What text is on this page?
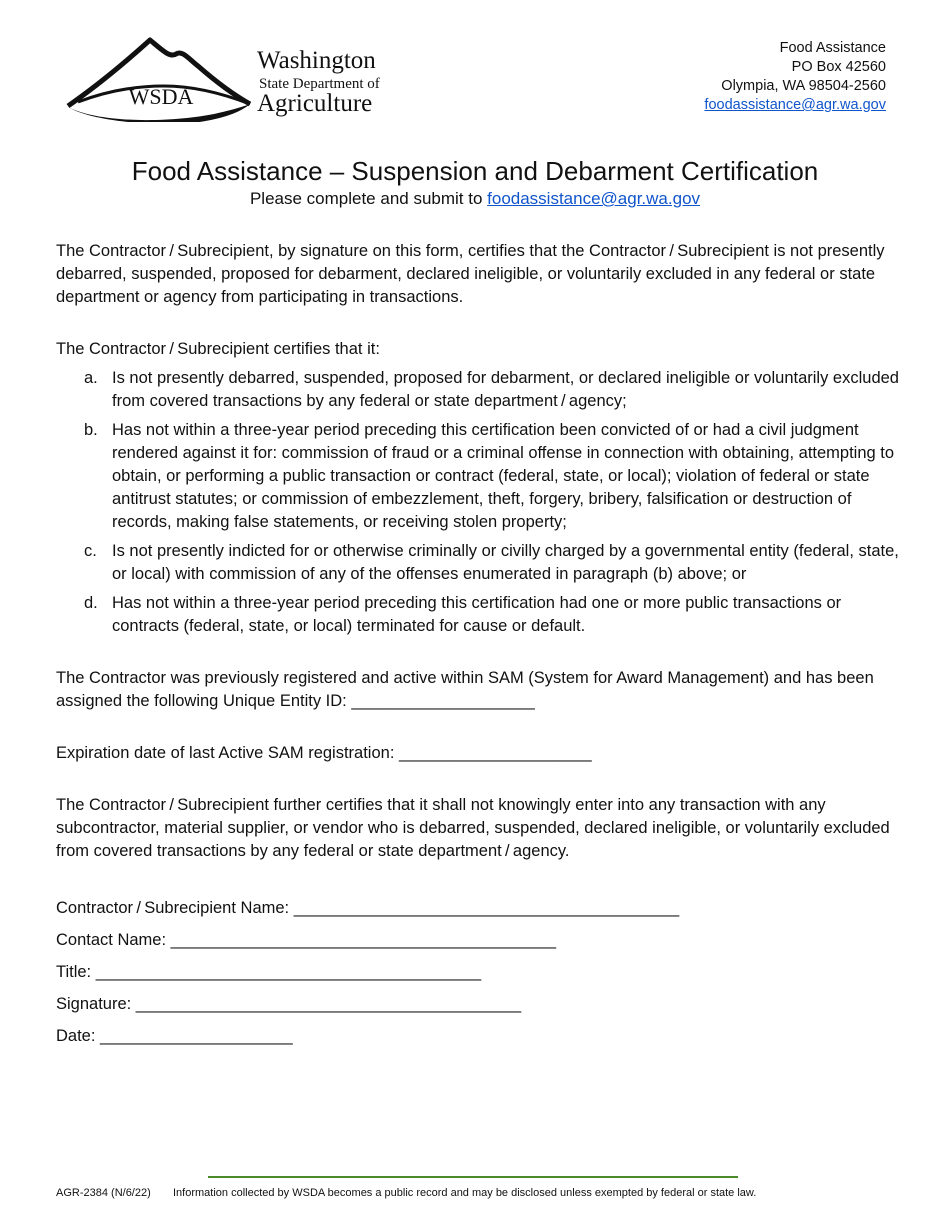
WSDA
Washington
State Department of
Agriculture
Food Assistance
PO Box 42560
Olympia, WA 98504-2560
foodassistance@agr.wa.gov
Food Assistance – Suspension and Debarment Certification
Please complete and submit to foodassistance@agr.wa.gov
The Contractor / Subrecipient, by signature on this form, certifies that the Contractor / Subrecipient is not presently debarred, suspended, proposed for debarment, declared ineligible, or voluntarily excluded in any federal or state department or agency from participating in transactions.
The Contractor / Subrecipient certifies that it:
a. Is not presently debarred, suspended, proposed for debarment, or declared ineligible or voluntarily excluded from covered transactions by any federal or state department / agency;
b. Has not within a three-year period preceding this certification been convicted of or had a civil judgment rendered against it for: commission of fraud or a criminal offense in connection with obtaining, attempting to obtain, or performing a public transaction or contract (federal, state, or local); violation of federal or state antitrust statutes; or commission of embezzlement, theft, forgery, bribery, falsification or destruction of records, making false statements, or receiving stolen property;
c. Is not presently indicted for or otherwise criminally or civilly charged by a governmental entity (federal, state, or local) with commission of any of the offenses enumerated in paragraph (b) above; or
d. Has not within a three-year period preceding this certification had one or more public transactions or contracts (federal, state, or local) terminated for cause or default.
The Contractor was previously registered and active within SAM (System for Award Management) and has been assigned the following Unique Entity ID: ____________________
Expiration date of last Active SAM registration: _____________________
The Contractor / Subrecipient further certifies that it shall not knowingly enter into any transaction with any subcontractor, material supplier, or vendor who is debarred, suspended, declared ineligible, or voluntarily excluded from covered transactions by any federal or state department / agency.
Contractor / Subrecipient Name: __________________________________________
Contact Name: __________________________________________
Title: __________________________________________
Signature: __________________________________________
Date: _____________________
AGR-2384 (N/6/22) Information collected by WSDA becomes a public record and may be disclosed unless exempted by federal or state law.
